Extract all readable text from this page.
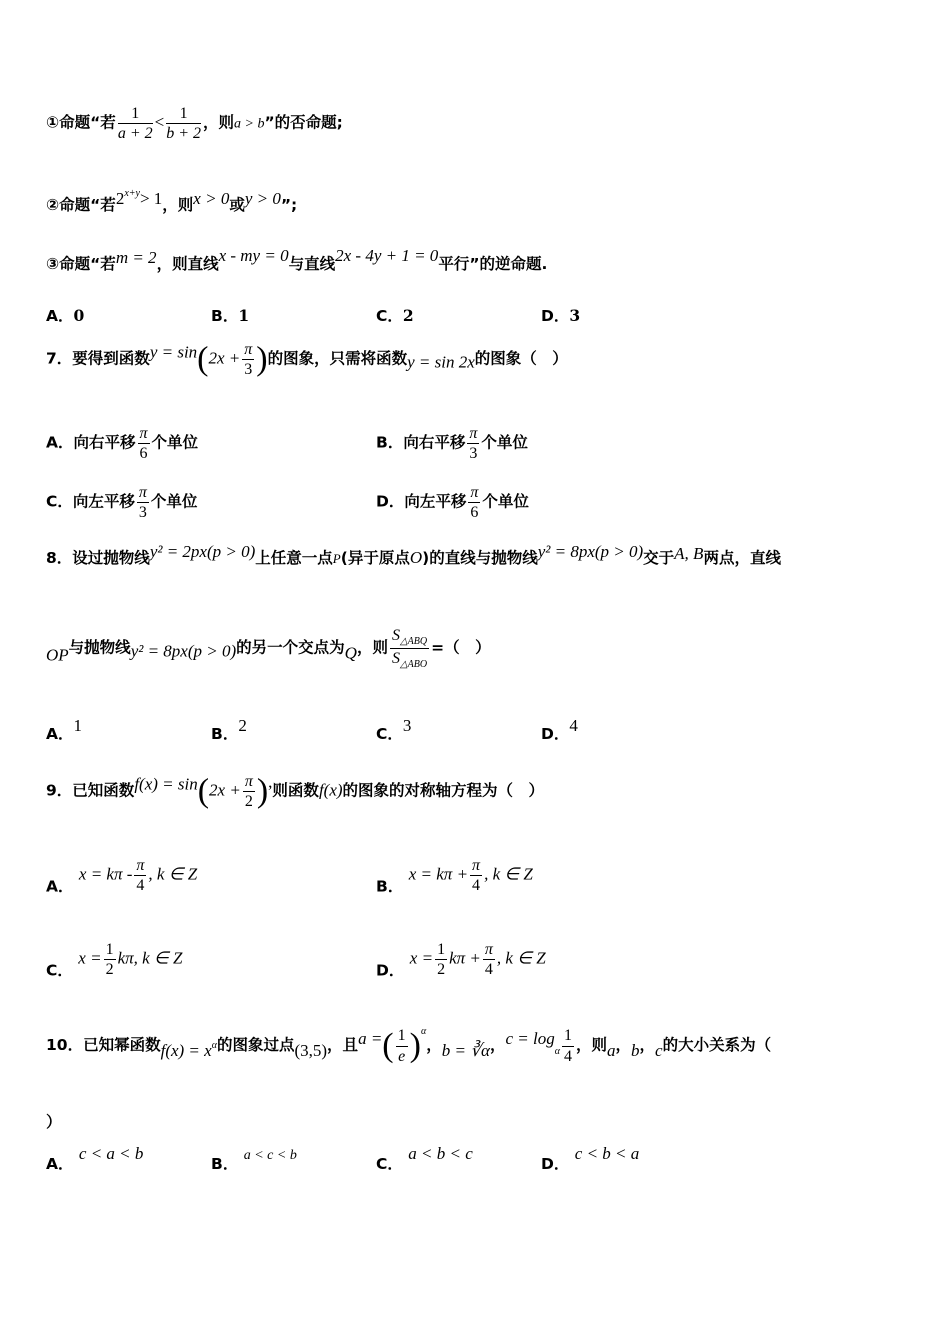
①命题“若 $\frac{1}{a + 2} < \frac{1}{b + 2}$ ，则a > b”的否命题;
②命题“若$2^{x+y}> 1$，则x > 0或y > 0”;
③命题“若m = 2，则直线x - my = 0与直线2x - 4y + 1 = 0平行”的逆命题.
A．0	B．1	C．2	D．3
7．要得到函数$y = \sin(2x + \frac{\pi}{3}$ )的图象，只需将函数y = sin 2x的图象（　）
A．向右平移 $\frac{\pi}{6}$ 个单位	B．向右平移 $\frac{\pi}{3}$ 个单位
C．向左平移 $\frac{\pi}{3}$ 个单位	D．向左平移 $\frac{\pi}{6}$ 个单位
8．设过抛物线y² = 2px(p > 0)上任意一点P(异于原点O)的直线与抛物线y² = 8px(p > 0)交于A, B两点，直线
OP与抛物线y² = 8px(p > 0)的另一个交点为Q，则 $\frac{S_{\triangle ABQ}}{S_{\triangle ABO}}$ =（　）
A．1	B．2	C．3	D．4
9．已知函数$f(x) = \sin(2x + \frac{\pi}{2}$ ),则函数f(x)的图象的对称轴方程为（　）
A． $x = k\pi - \frac{\pi}{4}$ , k ∈ Z
B． $x = k\pi + \frac{\pi}{4}$ , k ∈ Z
C． $x = \frac{1}{2} k\pi$, k ∈ Z
D． $x = \frac{1}{2}$ $k\pi + \frac{\pi}{4}$ , k ∈ Z
10．已知幂函数$f(x) = x^\alpha$的图象过点(3,5)，且a =( $\frac{1}{e} )^\alpha$，b = ∛α，$c = \log_\alpha \frac{1}{4}$ ，则a，b，c的大小关系为（
）
A． c < a < b
B． a < c < b	C． a < b < c
D． c < b < a
